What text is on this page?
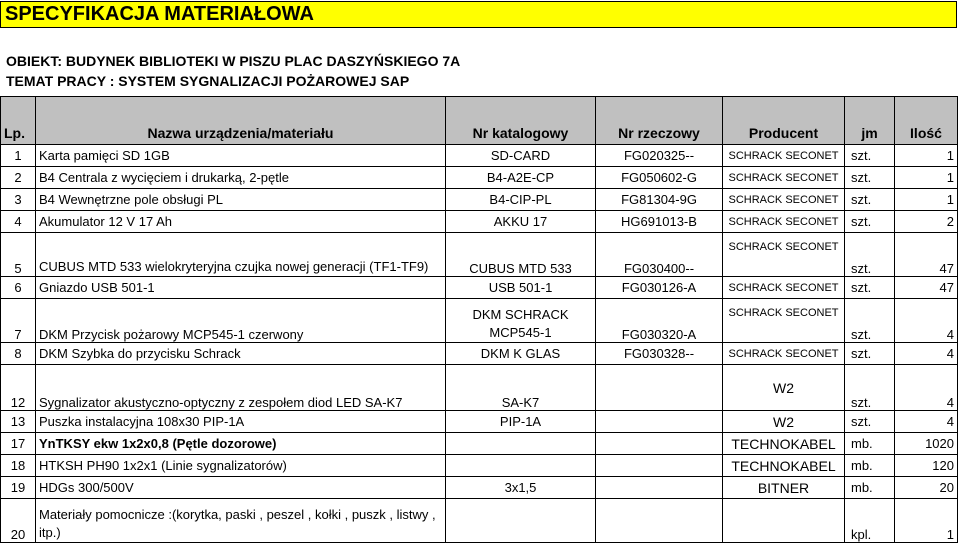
SPECYFIKACJA MATERIAŁOWA
OBIEKT: BUDYNEK BIBLIOTEKI W PISZU PLAC DASZYŃSKIEGO 7A
TEMAT PRACY : SYSTEM SYGNALIZACJI POŻAROWEJ SAP
Lp.	Nazwa urządzenia/materiału	Nr katalogowy	Nr rzeczowy	Producent	jm	Ilość
1	Karta pamięci SD 1GB	SD-CARD	FG020325--	SCHRACK SECONET	szt.	1
2	B4 Centrala z wycięciem i drukarką, 2-pętle	B4-A2E-CP	FG050602-G	SCHRACK SECONET	szt.	1
3	B4 Wewnętrzne pole obsługi PL	B4-CIP-PL	FG81304-9G	SCHRACK SECONET	szt.	1
4	Akumulator 12 V 17 Ah	AKKU 17	HG691013-B	SCHRACK SECONET	szt.	2
5	CUBUS MTD 533 wielokryteryjna czujka nowej generacji (TF1-TF9)	CUBUS MTD 533	FG030400--	SCHRACK SECONET	szt.	47
6	Gniazdo USB 501-1	USB 501-1	FG030126-A	SCHRACK SECONET	szt.	47
7	DKM Przycisk pożarowy MCP545-1 czerwony	DKM SCHRACK MCP545-1	FG030320-A	SCHRACK SECONET	szt.	4
8	DKM Szybka do przycisku Schrack	DKM K GLAS	FG030328--	SCHRACK SECONET	szt.	4
12	Sygnalizator akustyczno-optyczny z zespołem diod LED SA-K7	SA-K7		W2	szt.	4
13	Puszka instalacyjna 108x30 PIP-1A	PIP-1A		W2	szt.	4
17	YnTKSY ekw 1x2x0,8 (Pętle dozorowe)			TECHNOKABEL	mb.	1020
18	HTKSH PH90 1x2x1 (Linie sygnalizatorów)			TECHNOKABEL	mb.	120
19	HDGs 300/500V	3x1,5		BITNER	mb.	20
20	Materiały pomocnicze :(korytka, paski , peszel , kołki , puszk , listwy , itp.)				kpl.	1
